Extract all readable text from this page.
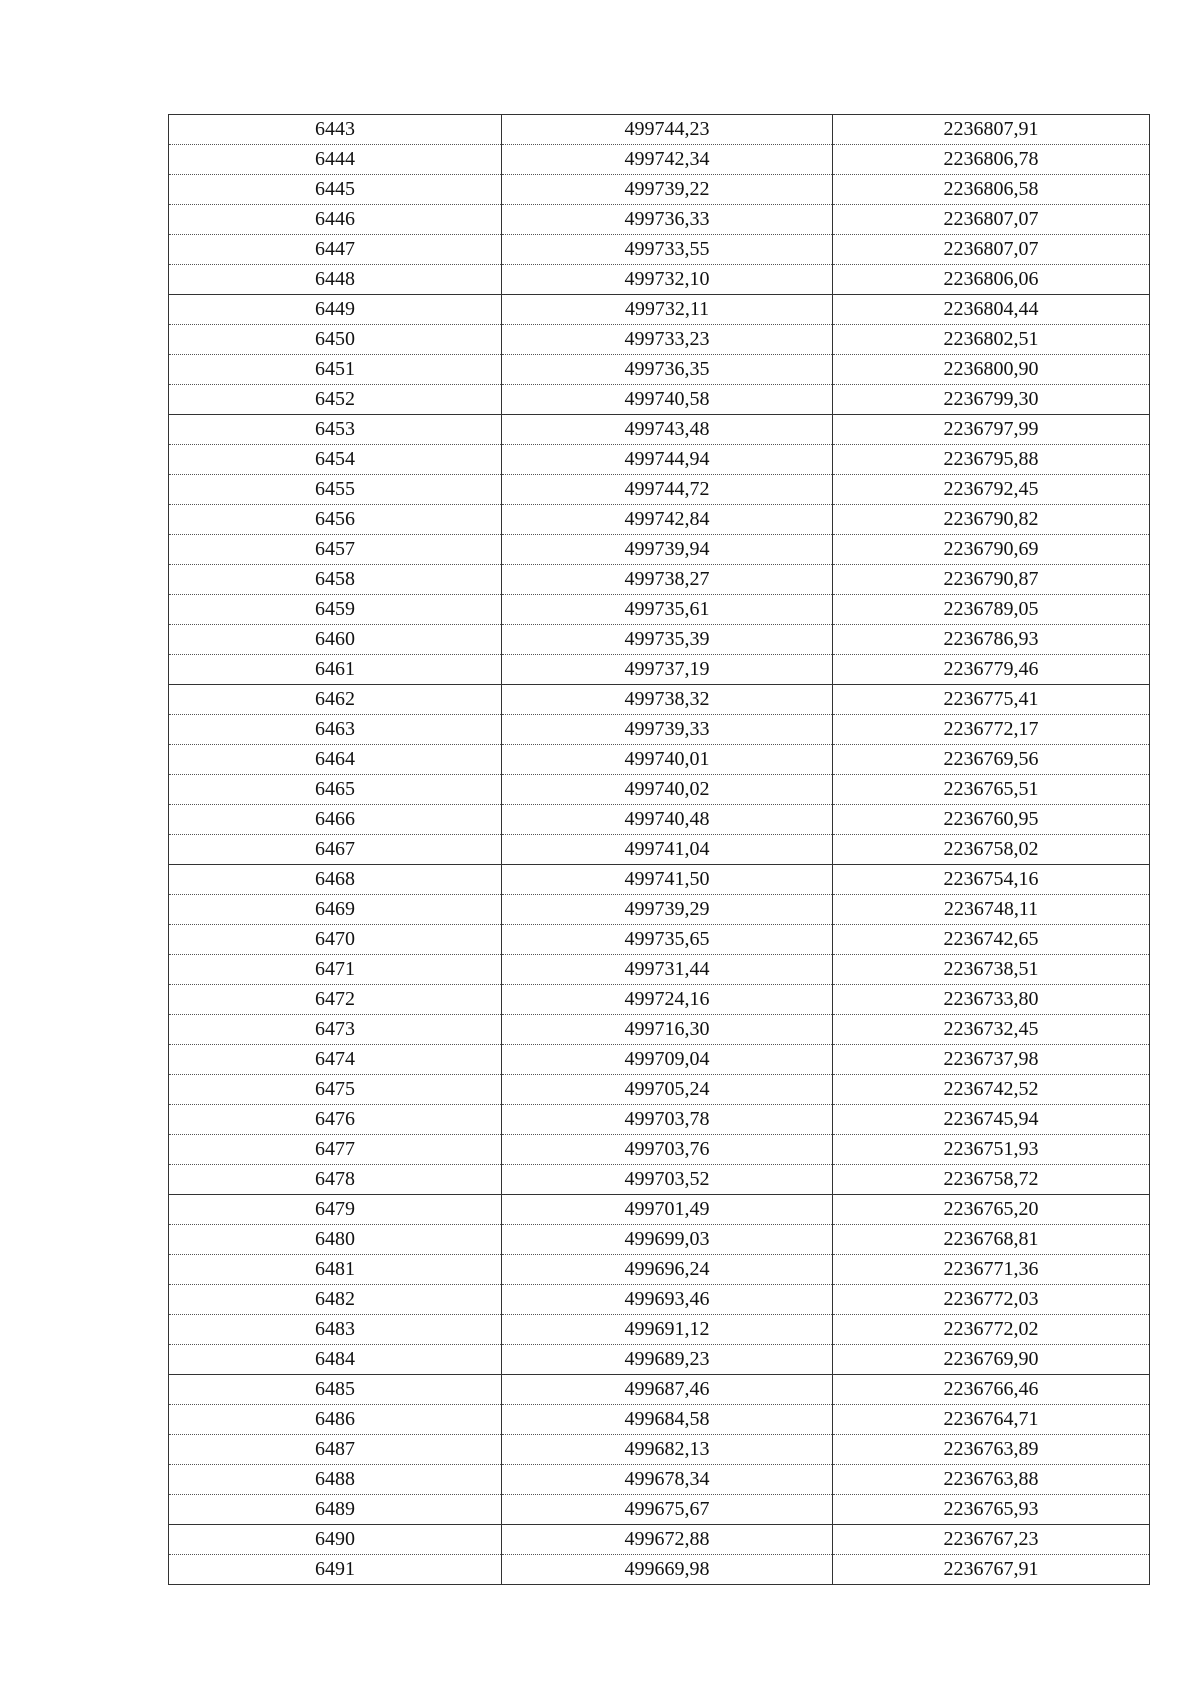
6443	499744,23	2236807,91
6444	499742,34	2236806,78
6445	499739,22	2236806,58
6446	499736,33	2236807,07
6447	499733,55	2236807,07
6448	499732,10	2236806,06
6449	499732,11	2236804,44
6450	499733,23	2236802,51
6451	499736,35	2236800,90
6452	499740,58	2236799,30
6453	499743,48	2236797,99
6454	499744,94	2236795,88
6455	499744,72	2236792,45
6456	499742,84	2236790,82
6457	499739,94	2236790,69
6458	499738,27	2236790,87
6459	499735,61	2236789,05
6460	499735,39	2236786,93
6461	499737,19	2236779,46
6462	499738,32	2236775,41
6463	499739,33	2236772,17
6464	499740,01	2236769,56
6465	499740,02	2236765,51
6466	499740,48	2236760,95
6467	499741,04	2236758,02
6468	499741,50	2236754,16
6469	499739,29	2236748,11
6470	499735,65	2236742,65
6471	499731,44	2236738,51
6472	499724,16	2236733,80
6473	499716,30	2236732,45
6474	499709,04	2236737,98
6475	499705,24	2236742,52
6476	499703,78	2236745,94
6477	499703,76	2236751,93
6478	499703,52	2236758,72
6479	499701,49	2236765,20
6480	499699,03	2236768,81
6481	499696,24	2236771,36
6482	499693,46	2236772,03
6483	499691,12	2236772,02
6484	499689,23	2236769,90
6485	499687,46	2236766,46
6486	499684,58	2236764,71
6487	499682,13	2236763,89
6488	499678,34	2236763,88
6489	499675,67	2236765,93
6490	499672,88	2236767,23
6491	499669,98	2236767,91
